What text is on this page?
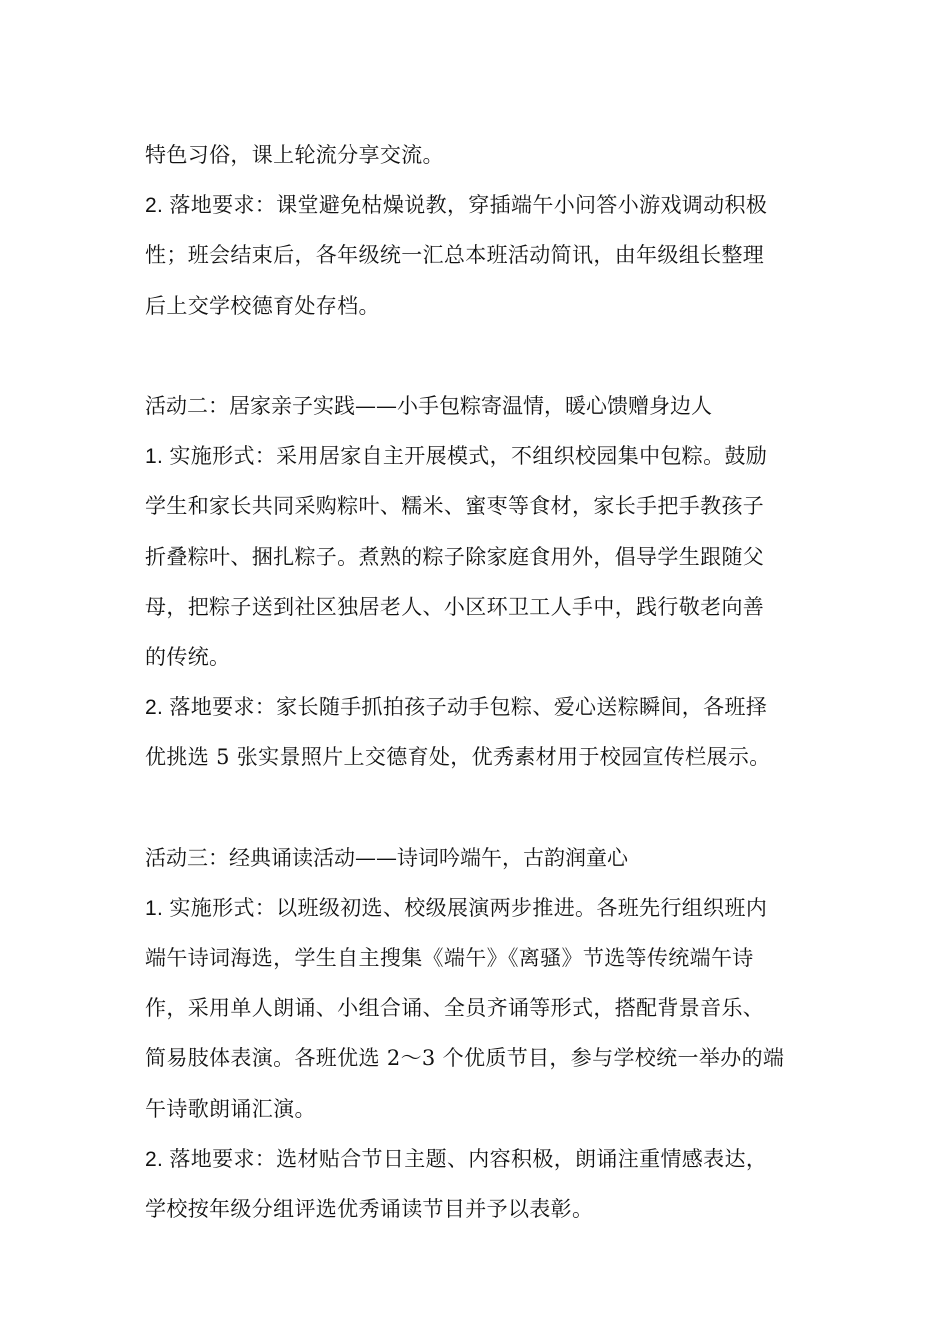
特色习俗，课上轮流分享交流。
2. 落地要求：课堂避免枯燥说教，穿插端午小问答小游戏调动积极
性；班会结束后，各年级统一汇总本班活动简讯，由年级组长整理
后上交学校德育处存档。
活动二：居家亲子实践——小手包粽寄温情，暖心馈赠身边人
1. 实施形式：采用居家自主开展模式，不组织校园集中包粽。鼓励
学生和家长共同采购粽叶、糯米、蜜枣等食材，家长手把手教孩子
折叠粽叶、捆扎粽子。煮熟的粽子除家庭食用外，倡导学生跟随父
母，把粽子送到社区独居老人、小区环卫工人手中，践行敬老向善
的传统。
2. 落地要求：家长随手抓拍孩子动手包粽、爱心送粽瞬间，各班择
优挑选 5 张实景照片上交德育处，优秀素材用于校园宣传栏展示。
活动三：经典诵读活动——诗词吟端午，古韵润童心
1. 实施形式：以班级初选、校级展演两步推进。各班先行组织班内
端午诗词海选，学生自主搜集《端午》《离骚》节选等传统端午诗
作，采用单人朗诵、小组合诵、全员齐诵等形式，搭配背景音乐、
简易肢体表演。各班优选 2～3 个优质节目，参与学校统一举办的端
午诗歌朗诵汇演。
2. 落地要求：选材贴合节日主题、内容积极，朗诵注重情感表达，
学校按年级分组评选优秀诵读节目并予以表彰。
